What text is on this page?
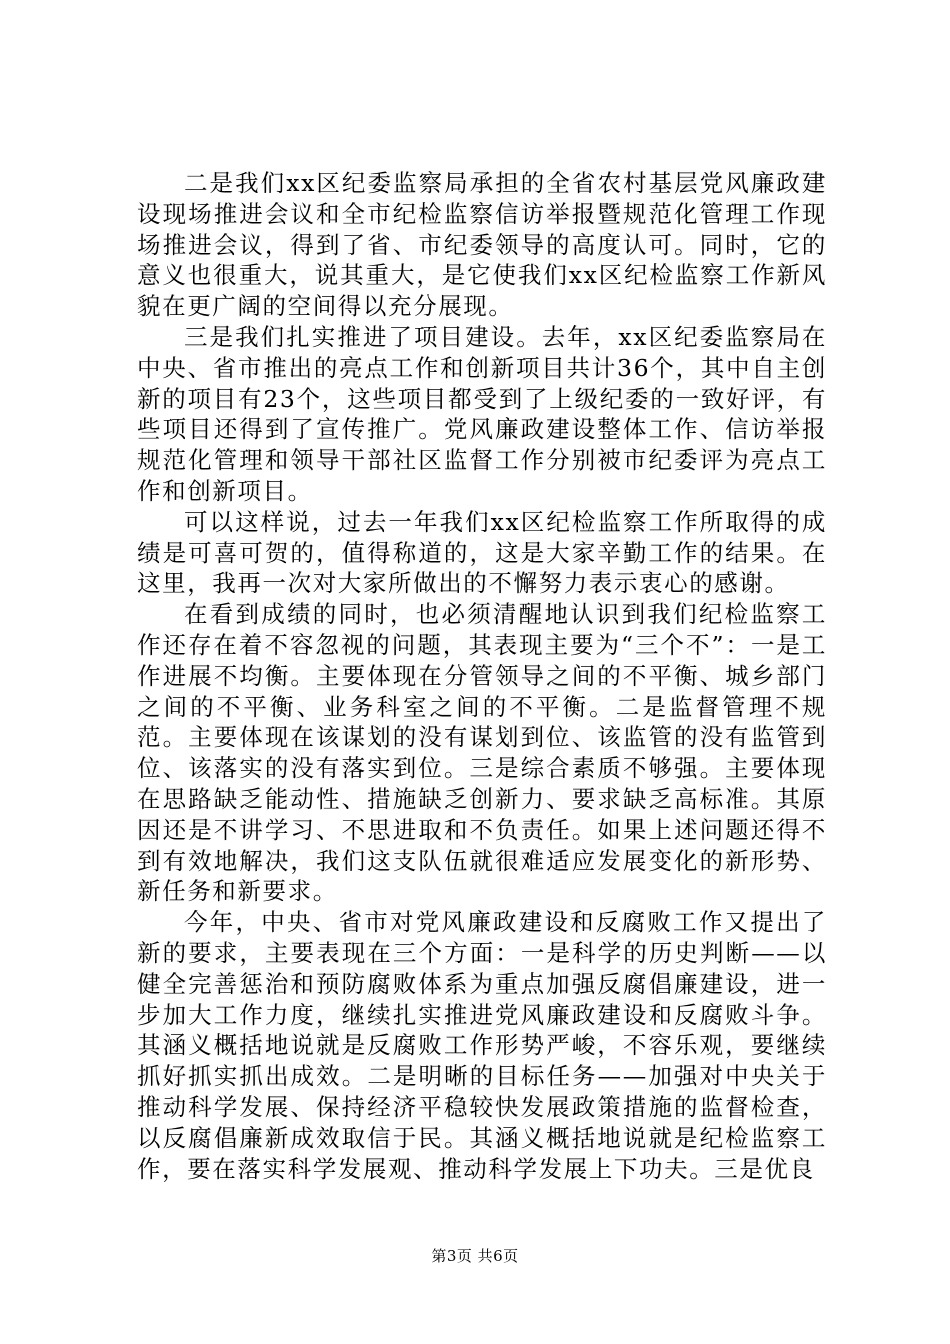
二是我们xx区纪委监察局承担的全省农村基层党风廉政建设现场推进会议和全市纪检监察信访举报暨规范化管理工作现场推进会议，得到了省、市纪委领导的高度认可。同时，它的意义也很重大，说其重大，是它使我们xx区纪检监察工作新风貌在更广阔的空间得以充分展现。

三是我们扎实推进了项目建设。去年，xx区纪委监察局在中央、省市推出的亮点工作和创新项目共计36个，其中自主创新的项目有23个，这些项目都受到了上级纪委的一致好评，有些项目还得到了宣传推广。党风廉政建设整体工作、信访举报规范化管理和领导干部社区监督工作分别被市纪委评为亮点工作和创新项目。

可以这样说，过去一年我们xx区纪检监察工作所取得的成绩是可喜可贺的，值得称道的，这是大家辛勤工作的结果。在这里，我再一次对大家所做出的不懈努力表示衷心的感谢。

在看到成绩的同时，也必须清醒地认识到我们纪检监察工作还存在着不容忽视的问题，其表现主要为“三个不”：一是工作进展不均衡。主要体现在分管领导之间的不平衡、城乡部门之间的不平衡、业务科室之间的不平衡。二是监督管理不规范。主要体现在该谋划的没有谋划到位、该监管的没有监管到位、该落实的没有落实到位。三是综合素质不够强。主要体现在思路缺乏能动性、措施缺乏创新力、要求缺乏高标准。其原因还是不讲学习、不思进取和不负责任。如果上述问题还得不到有效地解决，我们这支队伍就很难适应发展变化的新形势、新任务和新要求。

今年，中央、省市对党风廉政建设和反腐败工作又提出了新的要求，主要表现在三个方面：一是科学的历史判断——以健全完善惩治和预防腐败体系为重点加强反腐倡廉建设，进一步加大工作力度，继续扎实推进党风廉政建设和反腐败斗争。其涵义概括地说就是反腐败工作形势严峻，不容乐观，要继续抓好抓实抓出成效。二是明晰的目标任务——加强对中央关于推动科学发展、保持经济平稳较快发展政策措施的监督检查，以反腐倡廉新成效取信于民。其涵义概括地说就是纪检监察工作，要在落实科学发展观、推动科学发展上下功夫。三是优良

第3页 共6页
